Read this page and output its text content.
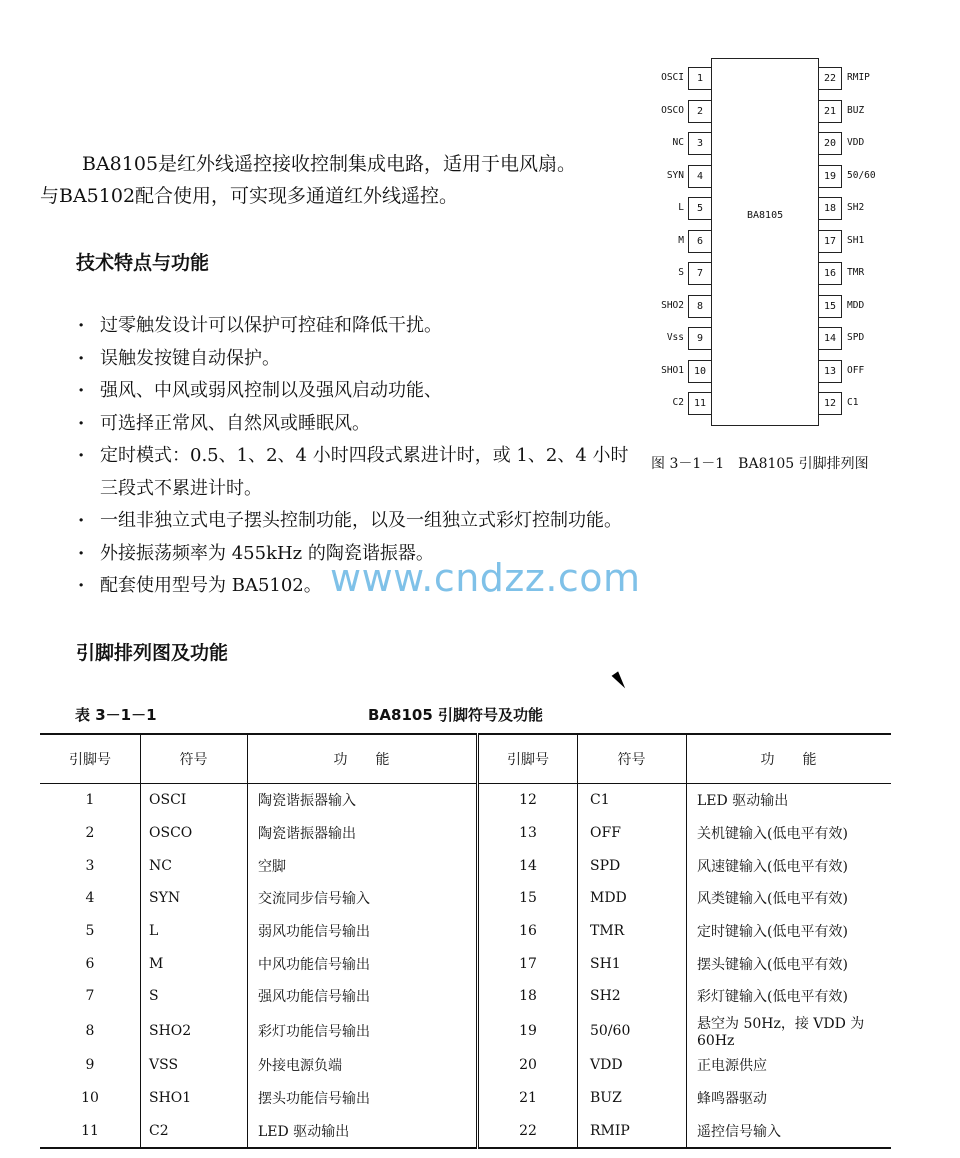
BA8105是红外线遥控接收控制集成电路，适用于电风扇。

与BA5102配合使用，可实现多通道红外线遥控。

技术特点与功能
· 过零触发设计可以保护可控硅和降低干扰。
· 误触发按键自动保护。
· 强风、中风或弱风控制以及强风启动功能、
· 可选择正常风、自然风或睡眠风。
· 定时模式：0.5、1、2、4 小时四段式累进计时，或 1、2、4 小时三段式不累进计时。
· 一组非独立式电子摆头控制功能，以及一组独立式彩灯控制功能。
· 外接振荡频率为 455kHz 的陶瓷谐振器。
· 配套使用型号为 BA5102。 www.cndzz.com
引脚排列图及功能
BA8105
1
OSCI
2
OSCO
3
NC
4
SYN
5
L
6
M
7
S
8
SHO2
9
Vss
10
SHO1
11
C2
22	RMIP
21	BUZ
20	VDD
19	50/60
18	SH2
17	SH1
16	TMR
15	MDD
14	SPD
13	OFF
12	C1
图 3－1－1　BA8105 引脚排列图
表 3－1－1	BA8105 引脚符号及功能
引脚号	符号	功　　能	引脚号	符号	功　　能
1	OSCI	陶瓷谐振器输入	12	C1	LED 驱动输出
2	OSCO	陶瓷谐振器输出	13	OFF	关机键输入(低电平有效)
3	NC	空脚	14	SPD	风速键输入(低电平有效)
4	SYN	交流同步信号输入	15	MDD	风类键输入(低电平有效)
5	L	弱风功能信号输出	16	TMR	定时键输入(低电平有效)
6	M	中风功能信号输出	17	SH1	摆头键输入(低电平有效)
7	S	强风功能信号输出	18	SH2	彩灯键输入(低电平有效)
8	SHO2	彩灯功能信号输出	19	50/60	悬空为 50Hz，接 VDD 为 60Hz
9	VSS	外接电源负端	20	VDD	正电源供应
10	SHO1	摆头功能信号输出	21	BUZ	蜂鸣器驱动
11	C2	LED 驱动输出	22	RMIP	遥控信号输入
